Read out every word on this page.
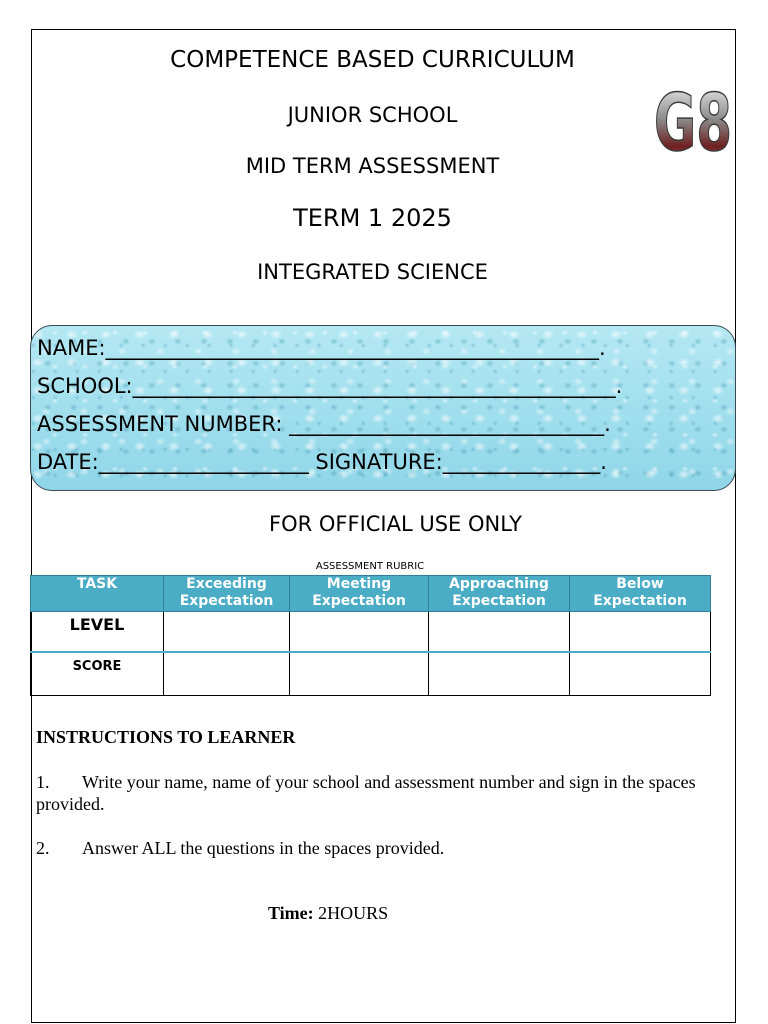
COMPETENCE BASED CURRICULUM
JUNIOR SCHOOL
MID TERM ASSESSMENT
TERM 1 2025
INTEGRATED SCIENCE
G8
NAME:_______________________________________________.
SCHOOL:______________________________________________.
ASSESSMENT NUMBER: ______________________________.
DATE:____________________ SIGNATURE:_______________.
FOR OFFICIAL USE ONLY
ASSESSMENT RUBRIC
TASK	Exceeding Expectation	Meeting Expectation	Approaching Expectation	Below Expectation
LEVEL				
SCORE				
INSTRUCTIONS TO LEARNER
1. Write your name, name of your school and assessment number and sign in the spaces provided.
2. Answer ALL the questions in the spaces provided.
Time: 2HOURS
